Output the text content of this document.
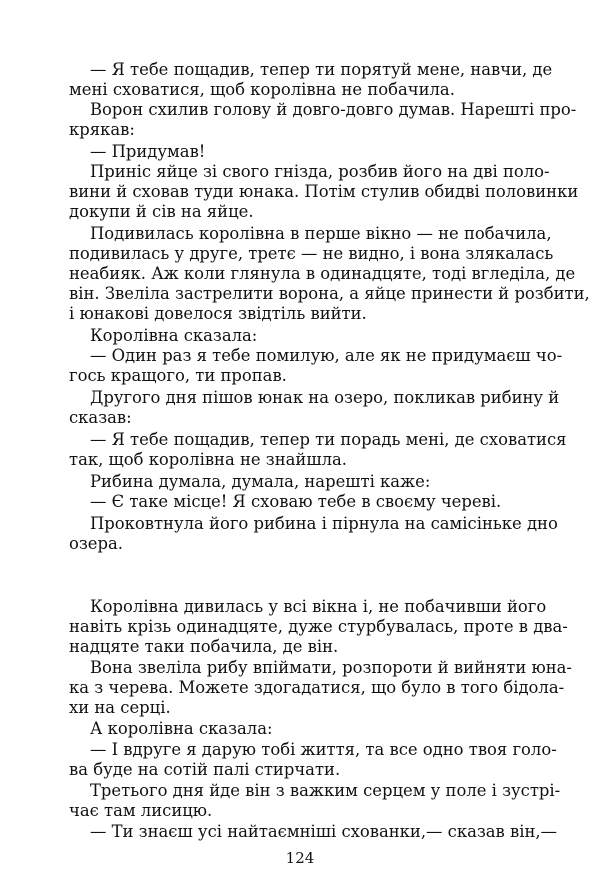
— Я тебе пощадив, тепер ти порятуй мене, навчи, де
мені сховатися, щоб королівна не побачила.
Ворон схилив голову й довго-довго думав. Нарешті про-
крякав:
— Придумав!
Приніс яйце зі свого гнізда, розбив його на дві поло-
вини й сховав туди юнака. Потім стулив обидві половинки
докупи й сів на яйце.
Подивилась королівна в перше вікно — не побачила,
подивилась у друге, третє — не видно, і вона злякалась
неабияк. Аж коли глянула в одинадцяте, тоді вгледіла, де
він. Звеліла застрелити ворона, а яйце принести й розбити,
і юнакові довелося звідтіль вийти.
Королівна сказала:
— Один раз я тебе помилую, але як не придумаєш чо-
гось кращого, ти пропав.
Другого дня пішов юнак на озеро, покликав рибину й
сказав:
— Я тебе пощадив, тепер ти порадь мені, де сховатися
так, щоб королівна не знайшла.
Рибина думала, думала, нарешті каже:
— Є таке місце! Я сховаю тебе в своєму череві.
Проковтнула його рибина і пірнула на самісіньке дно
озера.
Королівна дивилась у всі вікна і, не побачивши його
навіть крізь одинадцяте, дуже стурбувалась, проте в два-
надцяте таки побачила, де він.
Вона звеліла рибу впіймати, розпороти й вийняти юна-
ка з черева. Можете здогадатися, що було в того бідола-
хи на серці.
А королівна сказала:
— І вдруге я дарую тобі життя, та все одно твоя голо-
ва буде на сотій палі стирчати.
Третього дня йде він з важким серцем у поле і зустрі-
чає там лисицю.
— Ти знаєш усі найтаємніші схованки,— сказав він,—
124
